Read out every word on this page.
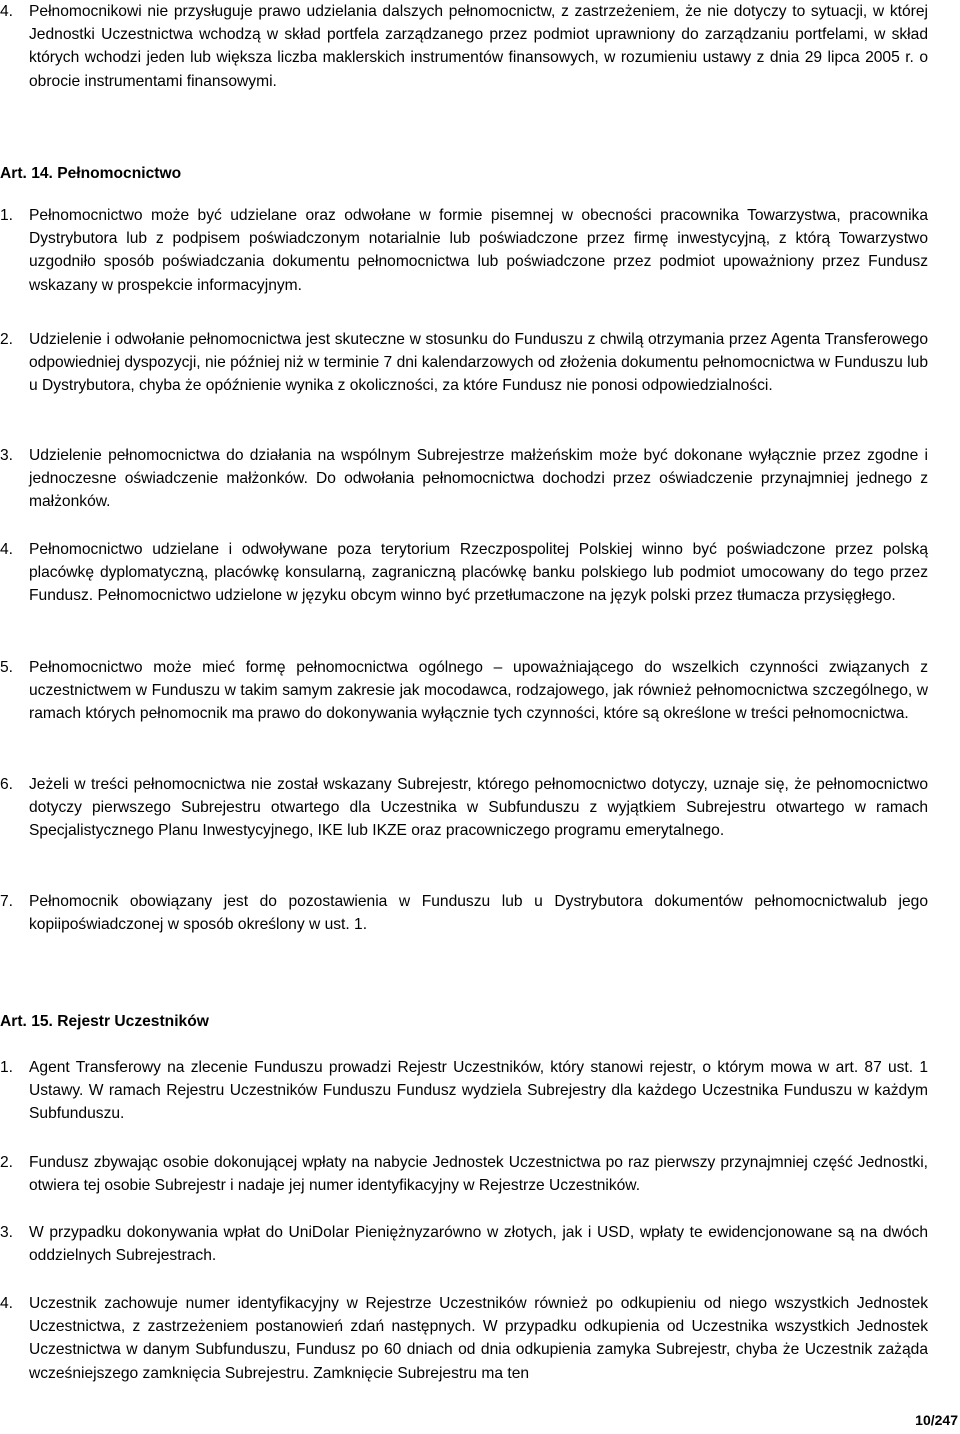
4. Pełnomocnikowi nie przysługuje prawo udzielania dalszych pełnomocnictw, z zastrzeżeniem, że nie dotyczy to sytuacji, w której Jednostki Uczestnictwa wchodzą w skład portfela zarządzanego przez podmiot uprawniony do zarządzaniu portfelami, w skład których wchodzi jeden lub większa liczba maklerskich instrumentów finansowych, w rozumieniu ustawy z dnia 29 lipca 2005 r. o obrocie instrumentami finansowymi.
Art. 14. Pełnomocnictwo
1. Pełnomocnictwo może być udzielane oraz odwołane w formie pisemnej w obecności pracownika Towarzystwa, pracownika Dystrybutora lub z podpisem poświadczonym notarialnie lub poświadczone przez firmę inwestycyjną, z którą Towarzystwo uzgodniło sposób poświadczania dokumentu pełnomocnictwa lub poświadczone przez podmiot upoważniony przez Fundusz wskazany w prospekcie informacyjnym.
2. Udzielenie i odwołanie pełnomocnictwa jest skuteczne w stosunku do Funduszu z chwilą otrzymania przez Agenta Transferowego odpowiedniej dyspozycji, nie później niż w terminie 7 dni kalendarzowych od złożenia dokumentu pełnomocnictwa w Funduszu lub u Dystrybutora, chyba że opóźnienie wynika z okoliczności, za które Fundusz nie ponosi odpowiedzialności.
3. Udzielenie pełnomocnictwa do działania na wspólnym Subrejestrze małżeńskim może być dokonane wyłącznie przez zgodne i jednoczesne oświadczenie małżonków. Do odwołania pełnomocnictwa dochodzi przez oświadczenie przynajmniej jednego z małżonków.
4. Pełnomocnictwo udzielane i odwoływane poza terytorium Rzeczpospolitej Polskiej winno być poświadczone przez polską placówkę dyplomatyczną, placówkę konsularną, zagraniczną placówkę banku polskiego lub podmiot umocowany do tego przez Fundusz. Pełnomocnictwo udzielone w języku obcym winno być przetłumaczone na język polski przez tłumacza przysięgłego.
5. Pełnomocnictwo może mieć formę pełnomocnictwa ogólnego – upoważniającego do wszelkich czynności związanych z uczestnictwem w Funduszu w takim samym zakresie jak mocodawca, rodzajowego, jak również pełnomocnictwa szczególnego, w ramach których pełnomocnik ma prawo do dokonywania wyłącznie tych czynności, które są określone w treści pełnomocnictwa.
6. Jeżeli w treści pełnomocnictwa nie został wskazany Subrejestr, którego pełnomocnictwo dotyczy, uznaje się, że pełnomocnictwo dotyczy pierwszego Subrejestru otwartego dla Uczestnika w Subfunduszu z wyjątkiem Subrejestru otwartego w ramach Specjalistycznego Planu Inwestycyjnego, IKE lub IKZE oraz pracowniczego programu emerytalnego.
7. Pełnomocnik obowiązany jest do pozostawienia w Funduszu lub u Dystrybutora dokumentów pełnomocnictwalub jego kopiipoświadczonej w sposób określony w ust. 1.
Art. 15. Rejestr Uczestników
1. Agent Transferowy na zlecenie Funduszu prowadzi Rejestr Uczestników, który stanowi rejestr, o którym mowa w art. 87 ust. 1 Ustawy. W ramach Rejestru Uczestników Funduszu Fundusz wydziela Subrejestry dla każdego Uczestnika Funduszu w każdym Subfunduszu.
2. Fundusz zbywając osobie dokonującej wpłaty na nabycie Jednostek Uczestnictwa po raz pierwszy przynajmniej część Jednostki, otwiera tej osobie Subrejestr i nadaje jej numer identyfikacyjny w Rejestrze Uczestników.
3. W przypadku dokonywania wpłat do UniDolar Pieniężnyzarówno w złotych, jak i USD, wpłaty te ewidencjonowane są na dwóch oddzielnych Subrejestrach.
4. Uczestnik zachowuje numer identyfikacyjny w Rejestrze Uczestników również po odkupieniu od niego wszystkich Jednostek Uczestnictwa, z zastrzeżeniem postanowień zdań następnych. W przypadku odkupienia od Uczestnika wszystkich Jednostek Uczestnictwa w danym Subfunduszu, Fundusz po 60 dniach od dnia odkupienia zamyka Subrejestr, chyba że Uczestnik zażąda wcześniejszego zamknięcia Subrejestru. Zamknięcie Subrejestru ma ten
10/247
